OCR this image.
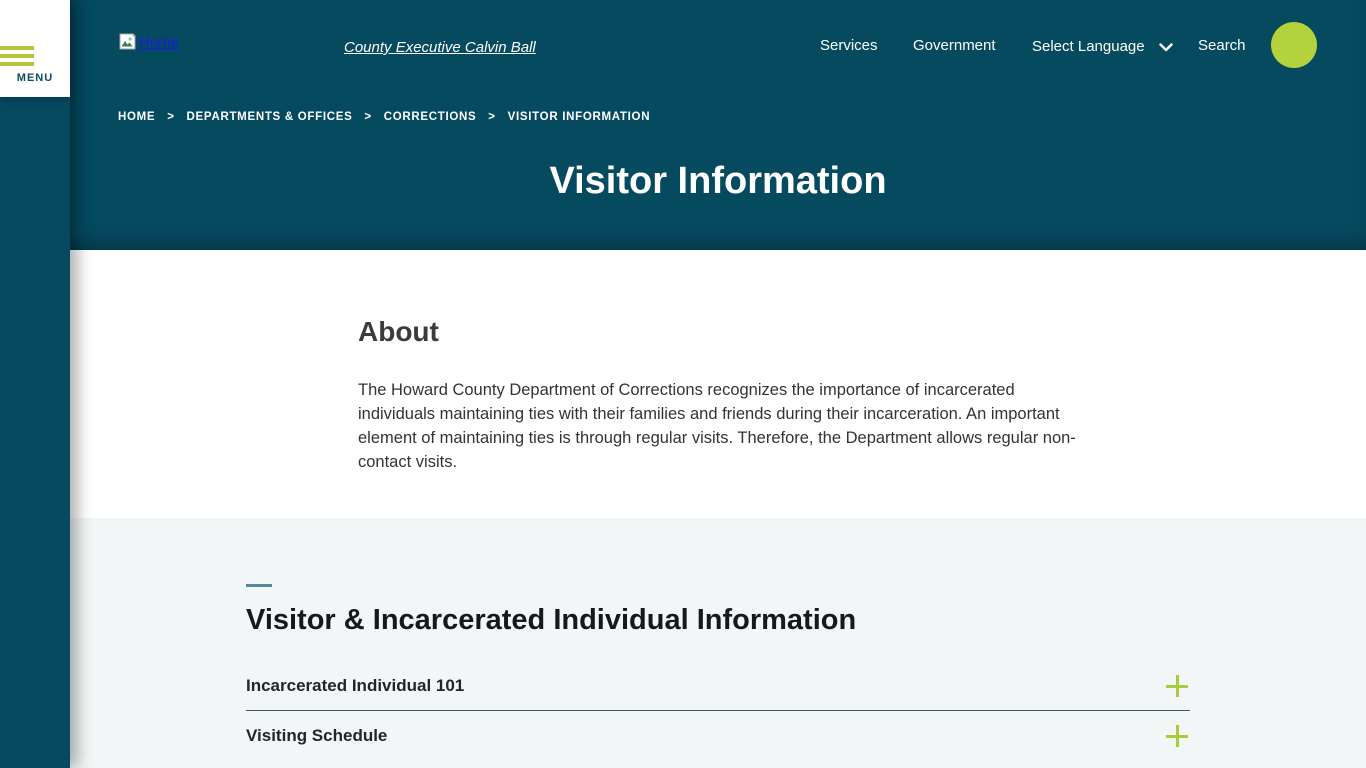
MENU
Home	County Executive Calvin Ball	Services Government Select Language	Search
HOME > DEPARTMENTS & OFFICES > CORRECTIONS > VISITOR INFORMATION
Visitor Information
About

The Howard County Department of Corrections recognizes the importance of incarcerated individuals maintaining ties with their families and friends during their incarceration. An important element of maintaining ties is through regular visits. Therefore, the Department allows regular non-contact visits.

Visitor & Incarcerated Individual Information
Incarcerated Individual 101
Visiting Schedule
